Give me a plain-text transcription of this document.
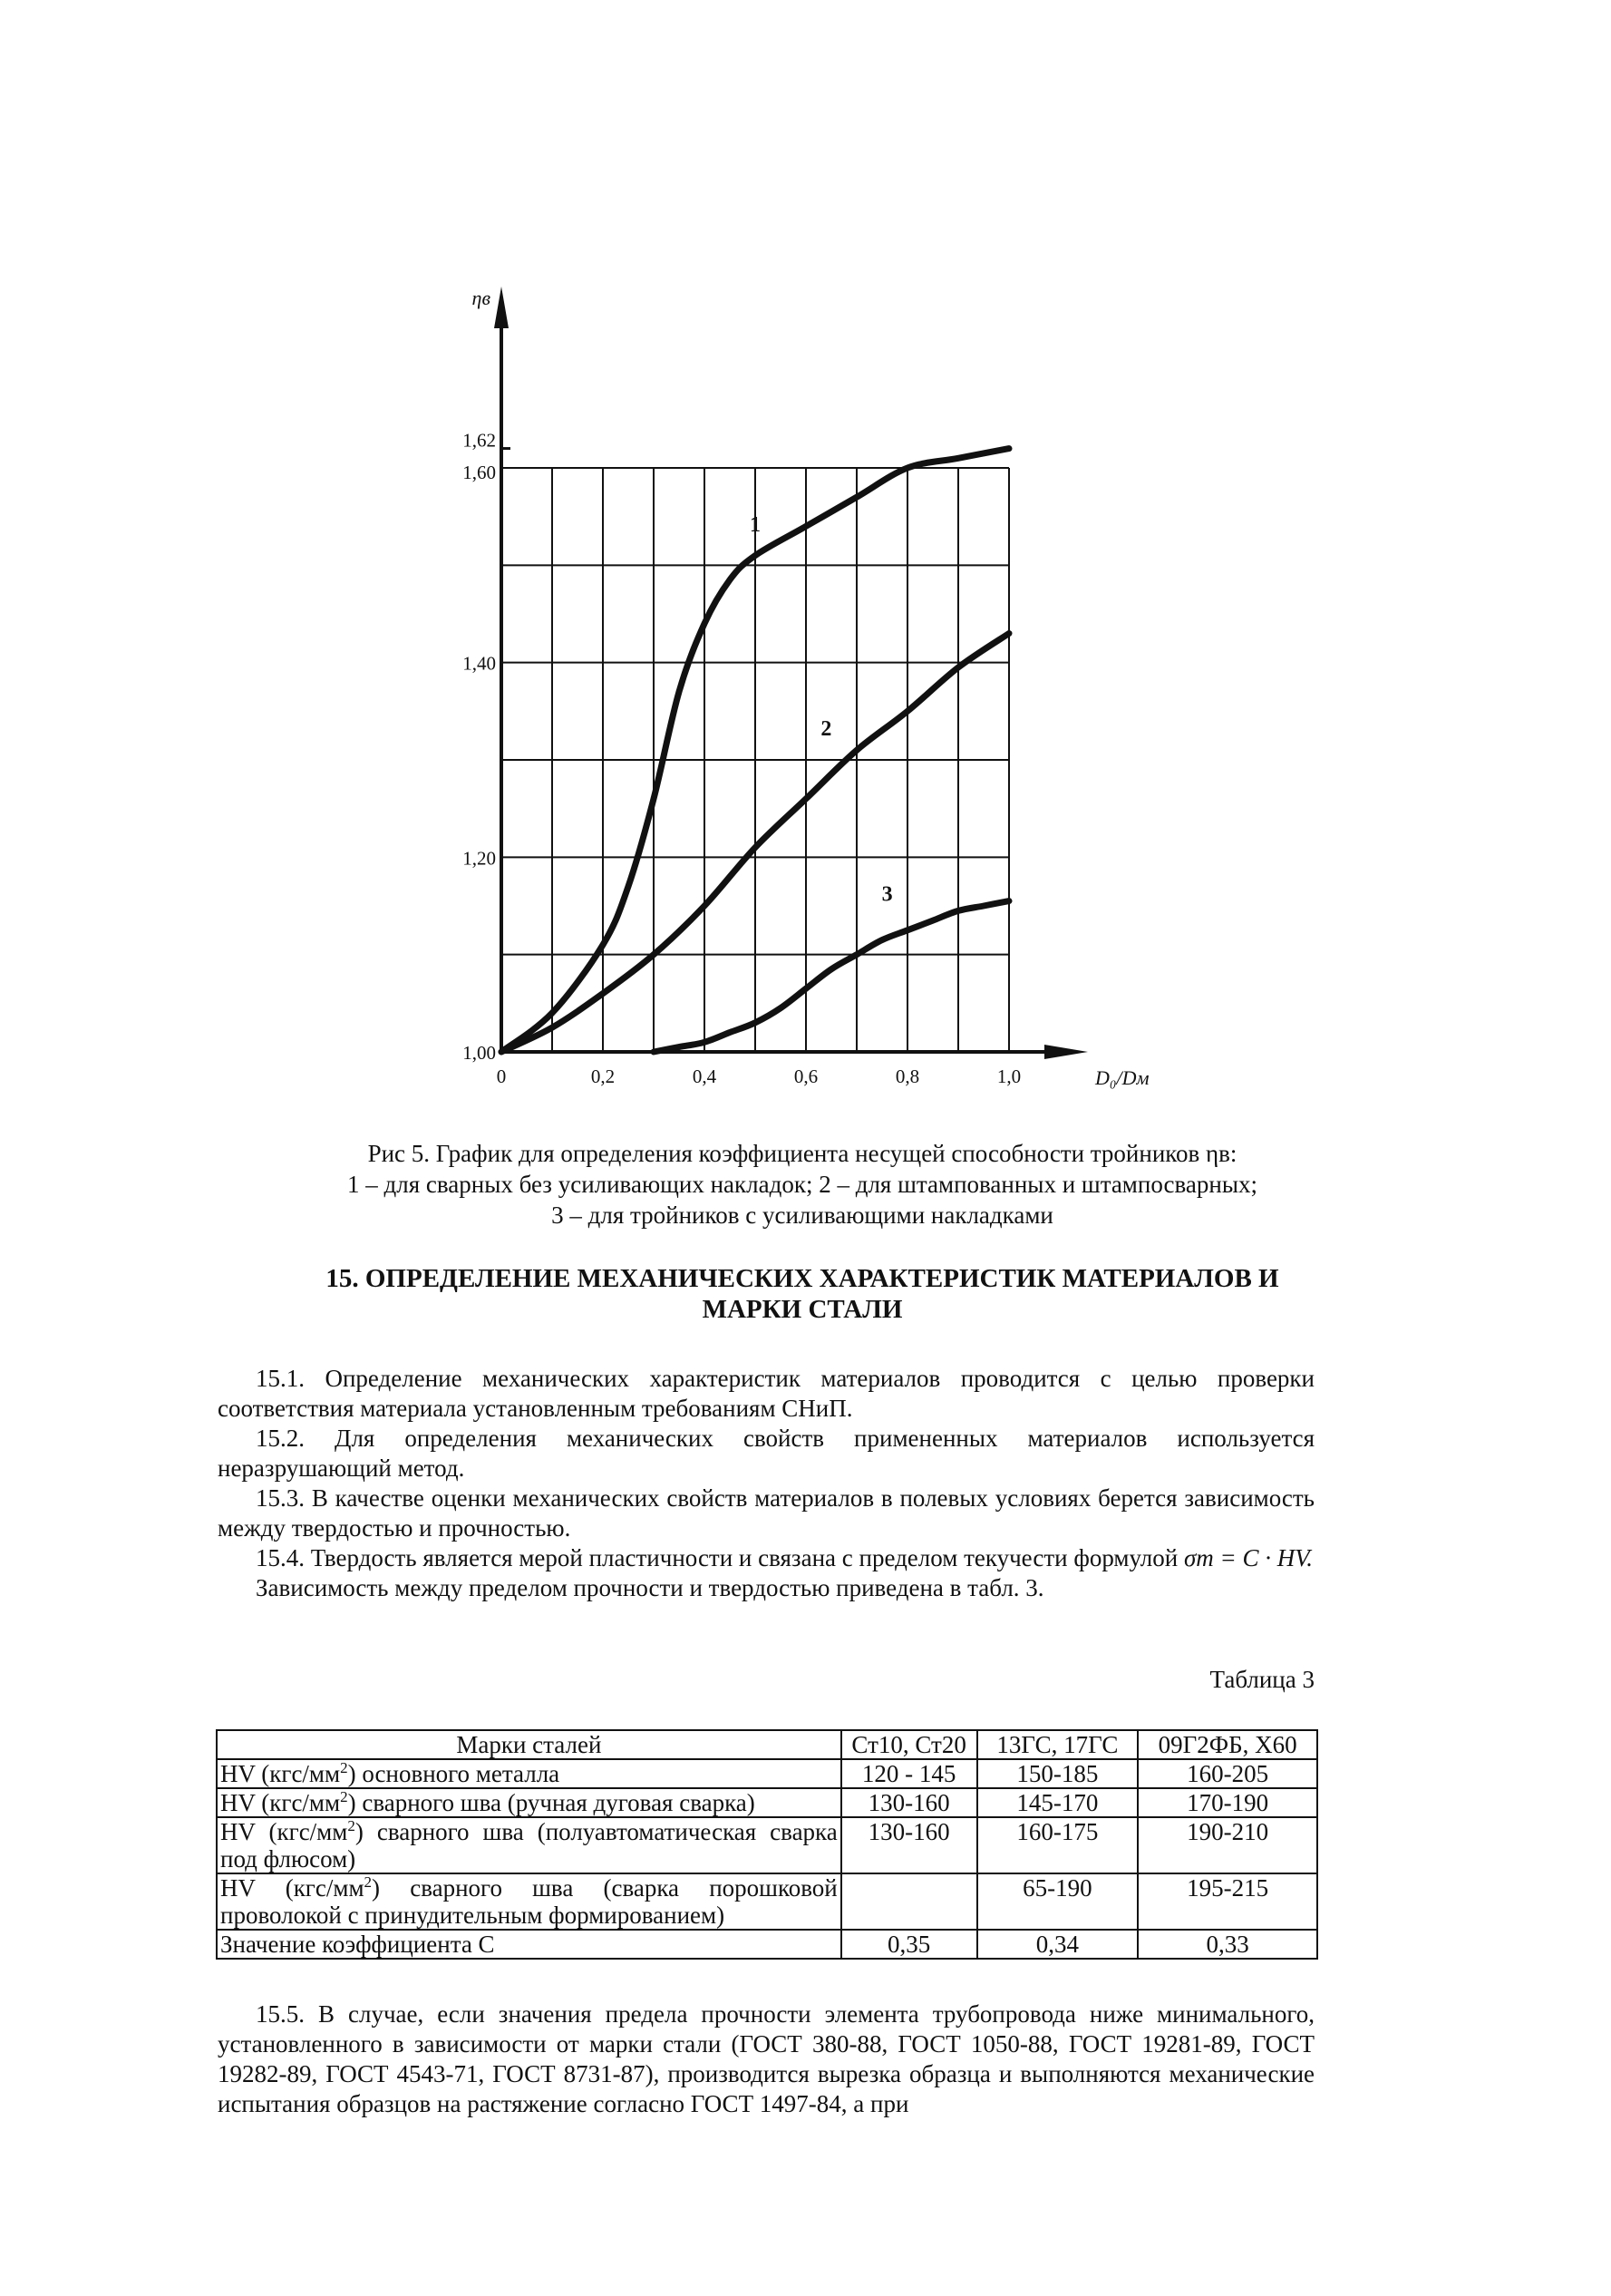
1,00
1,20
1,40
1,60
1,62
0	0,2	0,4	0,6	0,8	1,0
ηв
D₀/Dм
1
2
3
Рис 5. График для определения коэффициента несущей способности тройников ηв:
1 – для сварных без усиливающих накладок; 2 – для штампованных и штампосварных;
3 – для тройников с усиливающими накладками
15. ОПРЕДЕЛЕНИЕ МЕХАНИЧЕСКИХ ХАРАКТЕРИСТИК МАТЕРИАЛОВ И
МАРКИ СТАЛИ

15.1. Определение механических характеристик материалов проводится с целью проверки соответствия материала установленным требованиям СНиП.

15.2. Для определения механических свойств примененных материалов используется неразрушающий метод.

15.3. В качестве оценки механических свойств материалов в полевых условиях берется зависимость между твердостью и прочностью.

15.4. Твердость является мерой пластичности и связана с пределом текучести формулой σт = C · HV.

Зависимость между пределом прочности и твердостью приведена в табл. 3.

Таблица 3
Марки сталей	Ст10, Ст20	13ГС, 17ГС	09Г2ФБ, X60
HV $(кгс/мм^2)$ основного металла	120 - 145	150-185	160-205
HV $(кгс/мм^2)$ сварного шва (ручная дуговая сварка)	130-160	145-170	170-190
HV $(кгс/мм^2)$ сварного шва (полуавтоматическая сварка под флюсом)	130-160	160-175	190-210
HV $(кгс/мм^2)$ сварного шва (сварка порошковой проволокой с принудительным формированием)		65-190	195-215
Значение коэффициента С	0,35	0,34	0,33

15.5. В случае, если значения предела прочности элемента трубопровода ниже минимального, установленного в зависимости от марки стали (ГОСТ 380-88, ГОСТ 1050-88, ГОСТ 19281-89, ГОСТ 19282-89, ГОСТ 4543-71, ГОСТ 8731-87), производится вырезка образца и выполняются механические испытания образцов на растяжение согласно ГОСТ 1497-84, а при
